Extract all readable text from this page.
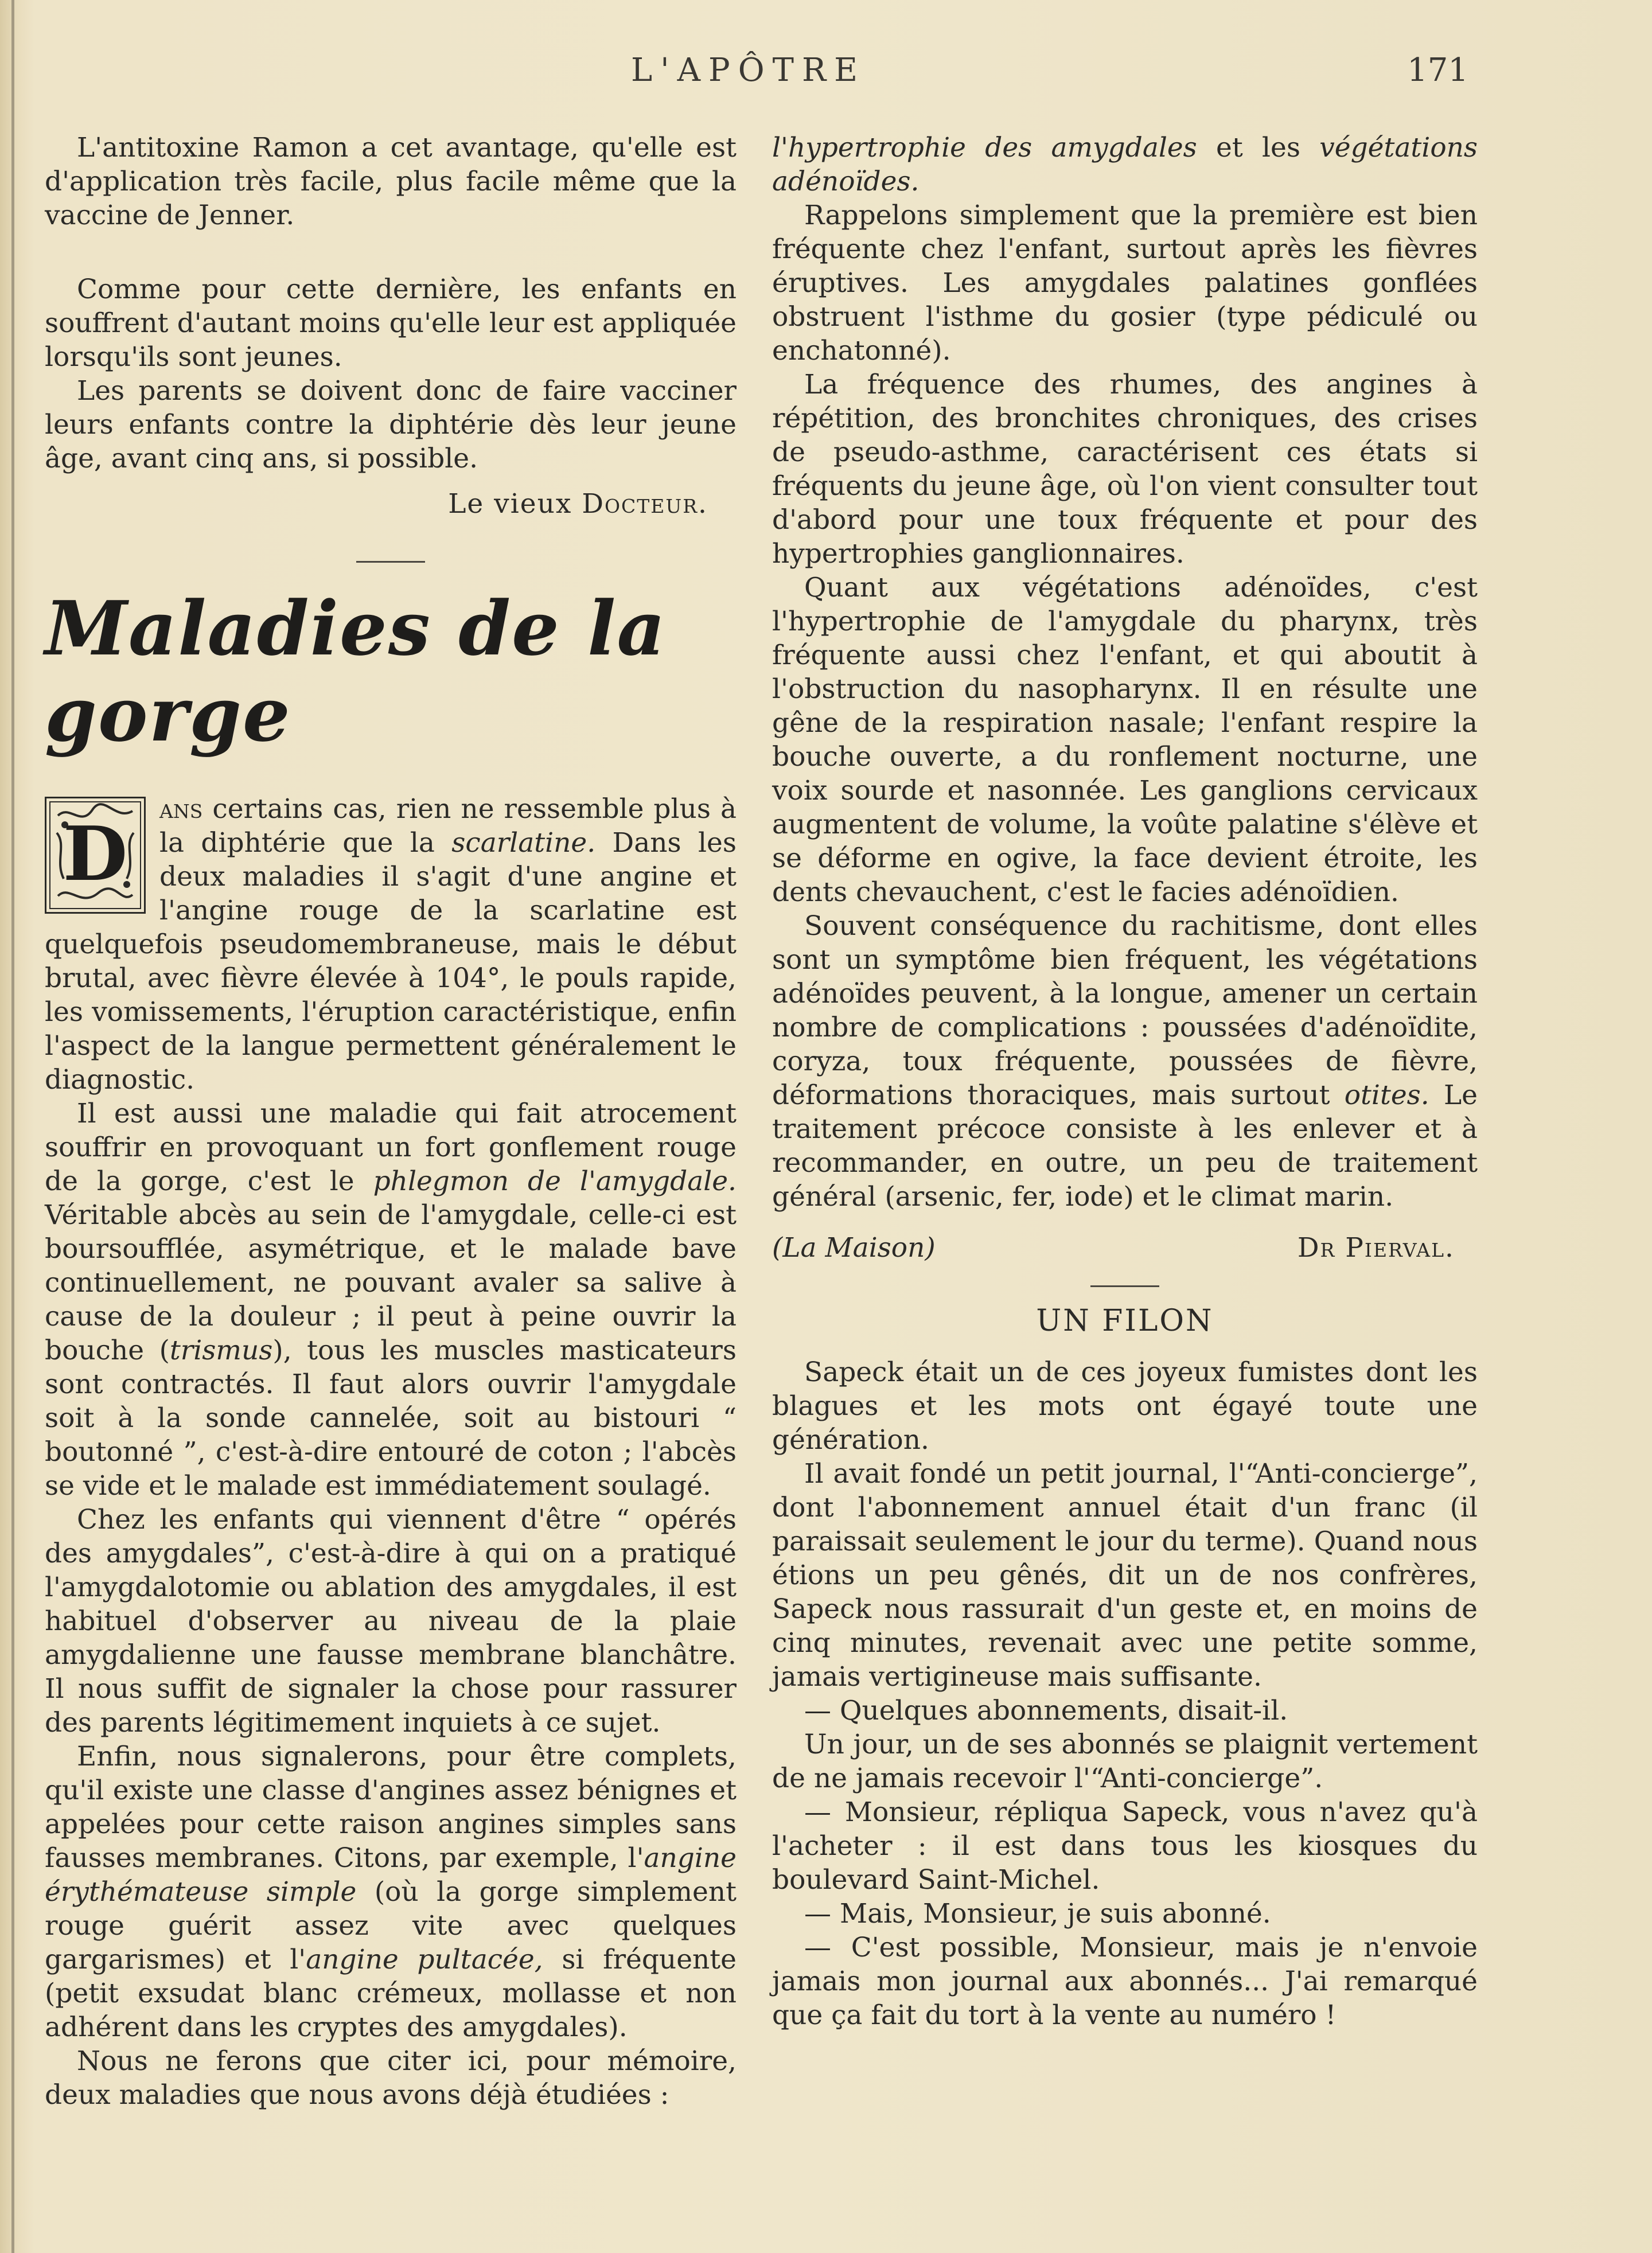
L'APÔTRE	171

L'antitoxine Ramon a cet avantage, qu'elle est d'application très facile, plus facile même que la vaccine de Jenner.

Comme pour cette dernière, les enfants en souffrent d'autant moins qu'elle leur est appliquée lorsqu'ils sont jeunes.

Les parents se doivent donc de faire vacciner leurs enfants contre la diphtérie dès leur jeune âge, avant cinq ans, si possible.

Le vieux Docteur.

Maladies de la gorge
D

ans certains cas, rien ne ressemble plus à la diphtérie que la scarlatine. Dans les deux maladies il s'agit d'une angine et l'angine rouge de la scarlatine est quelquefois pseudomembraneuse, mais le début brutal, avec fièvre élevée à 104°, le pouls rapide, les vomissements, l'éruption caractéristique, enfin l'aspect de la langue permettent généralement le diagnostic.

Il est aussi une maladie qui fait atrocement souffrir en provoquant un fort gonflement rouge de la gorge, c'est le phlegmon de l'amygdale. Véritable abcès au sein de l'amygdale, celle-ci est boursoufflée, asymétrique, et le malade bave continuellement, ne pouvant avaler sa salive à cause de la douleur ; il peut à peine ouvrir la bouche (trismus), tous les muscles masticateurs sont contractés. Il faut alors ouvrir l'amygdale soit à la sonde cannelée, soit au bistouri “ boutonné ”, c'est-à-dire entouré de coton ; l'abcès se vide et le malade est immédiatement soulagé.

Chez les enfants qui viennent d'être “ opérés des amygdales”, c'est-à-dire à qui on a pratiqué l'amygdalotomie ou ablation des amygdales, il est habituel d'observer au niveau de la plaie amygdalienne une fausse membrane blanchâtre. Il nous suffit de signaler la chose pour rassurer des parents légitimement inquiets à ce sujet.

Enfin, nous signalerons, pour être complets, qu'il existe une classe d'angines assez bénignes et appelées pour cette raison angines simples sans fausses membranes. Citons, par exemple, l'angine érythémateuse simple (où la gorge simplement rouge guérit assez vite avec quelques gargarismes) et l'angine pultacée, si fréquente (petit exsudat blanc crémeux, mollasse et non adhérent dans les cryptes des amygdales).

Nous ne ferons que citer ici, pour mémoire, deux maladies que nous avons déjà étudiées :

l'hypertrophie des amygdales et les végétations adénoïdes.

Rappelons simplement que la première est bien fréquente chez l'enfant, surtout après les fièvres éruptives. Les amygdales palatines gonflées obstruent l'isthme du gosier (type pédiculé ou enchatonné).

La fréquence des rhumes, des angines à répétition, des bronchites chroniques, des crises de pseudo-asthme, caractérisent ces états si fréquents du jeune âge, où l'on vient consulter tout d'abord pour une toux fréquente et pour des hypertrophies ganglionnaires.

Quant aux végétations adénoïdes, c'est l'hypertrophie de l'amygdale du pharynx, très fréquente aussi chez l'enfant, et qui aboutit à l'obstruction du nasopharynx. Il en résulte une gêne de la respiration nasale; l'enfant respire la bouche ouverte, a du ronflement nocturne, une voix sourde et nasonnée. Les ganglions cervicaux augmentent de volume, la voûte palatine s'élève et se déforme en ogive, la face devient étroite, les dents chevauchent, c'est le facies adénoïdien.

Souvent conséquence du rachitisme, dont elles sont un symptôme bien fréquent, les végétations adénoïdes peuvent, à la longue, amener un certain nombre de complications : poussées d'adénoïdite, coryza, toux fréquente, poussées de fièvre, déformations thoraciques, mais surtout otites. Le traitement précoce consiste à les enlever et à recommander, en outre, un peu de traitement général (arsenic, fer, iode) et le climat marin.

(La Maison)	Dr Pierval.
UN FILON

Sapeck était un de ces joyeux fumistes dont les blagues et les mots ont égayé toute une génération.

Il avait fondé un petit journal, l'“Anti-concierge”, dont l'abonnement annuel était d'un franc (il paraissait seulement le jour du terme). Quand nous étions un peu gênés, dit un de nos confrères, Sapeck nous rassurait d'un geste et, en moins de cinq minutes, revenait avec une petite somme, jamais vertigineuse mais suffisante.

— Quelques abonnements, disait-il.

Un jour, un de ses abonnés se plaignit vertement de ne jamais recevoir l'“Anti-concierge”.

— Monsieur, répliqua Sapeck, vous n'avez qu'à l'acheter : il est dans tous les kiosques du boulevard Saint-Michel.

— Mais, Monsieur, je suis abonné.

— C'est possible, Monsieur, mais je n'envoie jamais mon journal aux abonnés... J'ai remarqué que ça fait du tort à la vente au numéro !
